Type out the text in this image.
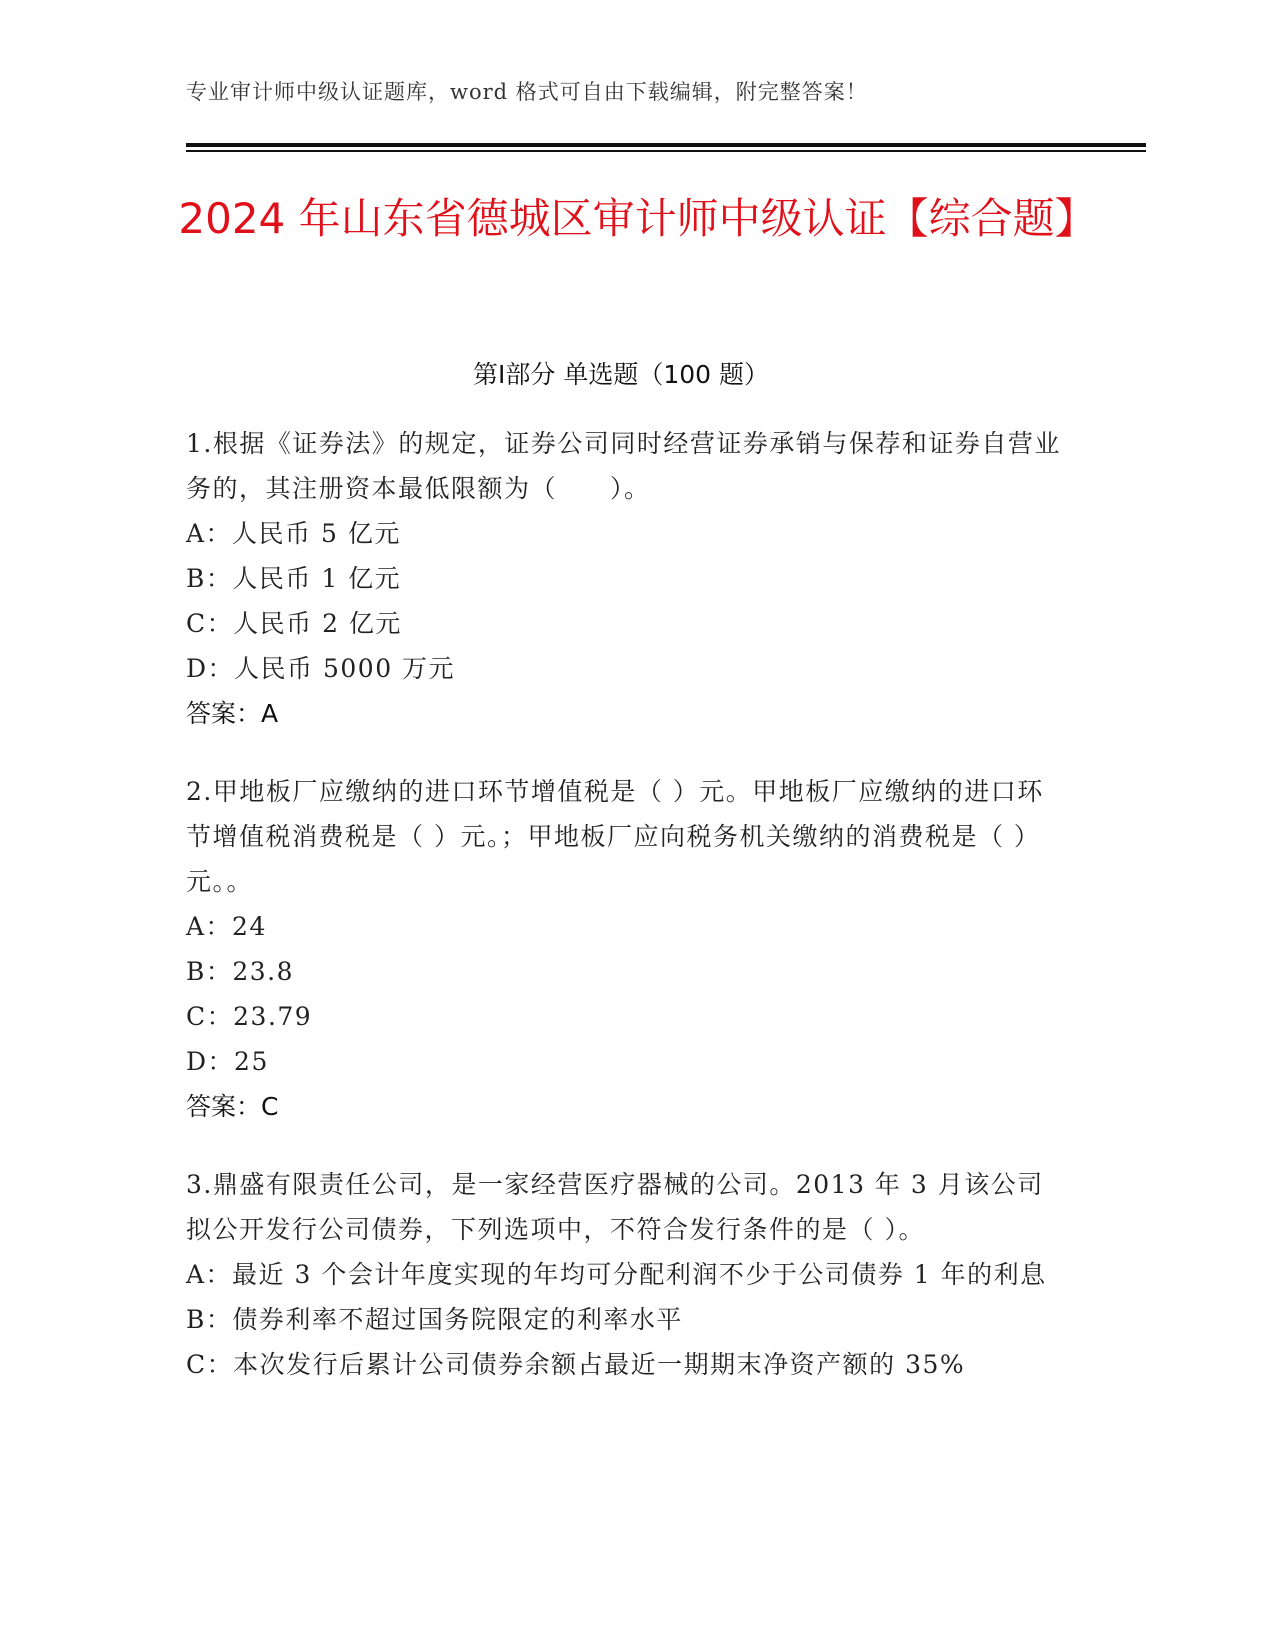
专业审计师中级认证题库，word 格式可自由下载编辑，附完整答案！
2024 年山东省德城区审计师中级认证【综合题】
第Ⅰ部分 单选题（100 题）
1.根据《证券法》的规定，证券公司同时经营证券承销与保荐和证券自营业务的，其注册资本最低限额为（　　）。
A：人民币 5 亿元
B：人民币 1 亿元
C：人民币 2 亿元
D：人民币 5000 万元
答案：A
2.甲地板厂应缴纳的进口环节增值税是（ ）元。甲地板厂应缴纳的进口环节增值税消费税是（ ）元。；甲地板厂应向税务机关缴纳的消费税是（ ）元。。
A：24
B：23.8
C：23.79
D：25
答案：C
3.鼎盛有限责任公司，是一家经营医疗器械的公司。2013 年 3 月该公司拟公开发行公司债券，下列选项中，不符合发行条件的是（ ）。
A：最近 3 个会计年度实现的年均可分配利润不少于公司债券 1 年的利息
B：债券利率不超过国务院限定的利率水平
C：本次发行后累计公司债券余额占最近一期期末净资产额的 35%
